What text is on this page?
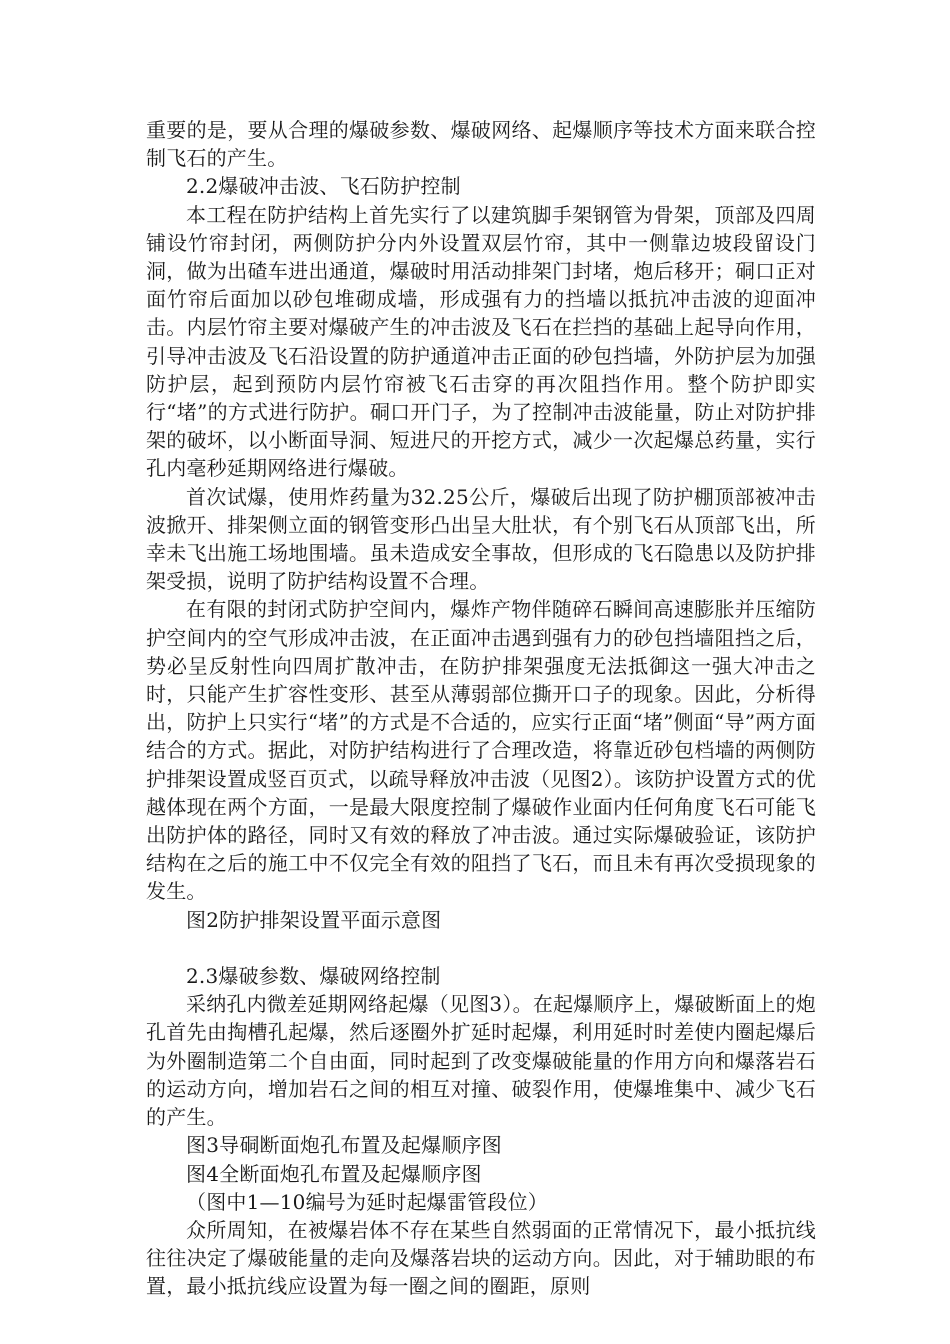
重要的是，要从合理的爆破参数、爆破网络、起爆顺序等技术方面来联合控制飞石的产生。

2.2爆破冲击波、飞石防护控制

本工程在防护结构上首先实行了以建筑脚手架钢管为骨架，顶部及四周铺设竹帘封闭，两侧防护分内外设置双层竹帘，其中一侧靠边坡段留设门洞，做为出碴车进出通道，爆破时用活动排架门封堵，炮后移开；硐口正对面竹帘后面加以砂包堆砌成墙，形成强有力的挡墙以抵抗冲击波的迎面冲击。内层竹帘主要对爆破产生的冲击波及飞石在拦挡的基础上起导向作用，引导冲击波及飞石沿设置的防护通道冲击正面的砂包挡墙，外防护层为加强防护层，起到预防内层竹帘被飞石击穿的再次阻挡作用。整个防护即实行“堵”的方式进行防护。硐口开门子，为了控制冲击波能量，防止对防护排架的破坏，以小断面导洞、短进尺的开挖方式，减少一次起爆总药量，实行孔内毫秒延期网络进行爆破。

首次试爆，使用炸药量为32.25公斤，爆破后出现了防护棚顶部被冲击波掀开、排架侧立面的钢管变形凸出呈大肚状，有个别飞石从顶部飞出，所幸未飞出施工场地围墙。虽未造成安全事故，但形成的飞石隐患以及防护排架受损，说明了防护结构设置不合理。

在有限的封闭式防护空间内，爆炸产物伴随碎石瞬间高速膨胀并压缩防护空间内的空气形成冲击波，在正面冲击遇到强有力的砂包挡墙阻挡之后，势必呈反射性向四周扩散冲击，在防护排架强度无法抵御这一强大冲击之时，只能产生扩容性变形、甚至从薄弱部位撕开口子的现象。因此，分析得出，防护上只实行“堵”的方式是不合适的，应实行正面“堵”侧面“导”两方面结合的方式。据此，对防护结构进行了合理改造，将靠近砂包档墙的两侧防护排架设置成竖百页式，以疏导释放冲击波（见图2）。该防护设置方式的优越体现在两个方面，一是最大限度控制了爆破作业面内任何角度飞石可能飞出防护体的路径，同时又有效的释放了冲击波。通过实际爆破验证，该防护结构在之后的施工中不仅完全有效的阻挡了飞石，而且未有再次受损现象的发生。

图2防护排架设置平面示意图

2.3爆破参数、爆破网络控制

采纳孔内微差延期网络起爆（见图3）。在起爆顺序上，爆破断面上的炮孔首先由掏槽孔起爆，然后逐圈外扩延时起爆，利用延时时差使内圈起爆后为外圈制造第二个自由面，同时起到了改变爆破能量的作用方向和爆落岩石的运动方向，增加岩石之间的相互对撞、破裂作用，使爆堆集中、减少飞石的产生。

图3导硐断面炮孔布置及起爆顺序图

图4全断面炮孔布置及起爆顺序图

（图中1—10编号为延时起爆雷管段位）

众所周知，在被爆岩体不存在某些自然弱面的正常情况下，最小抵抗线往往决定了爆破能量的走向及爆落岩块的运动方向。因此，对于辅助眼的布置，最小抵抗线应设置为每一圈之间的圈距，原则
